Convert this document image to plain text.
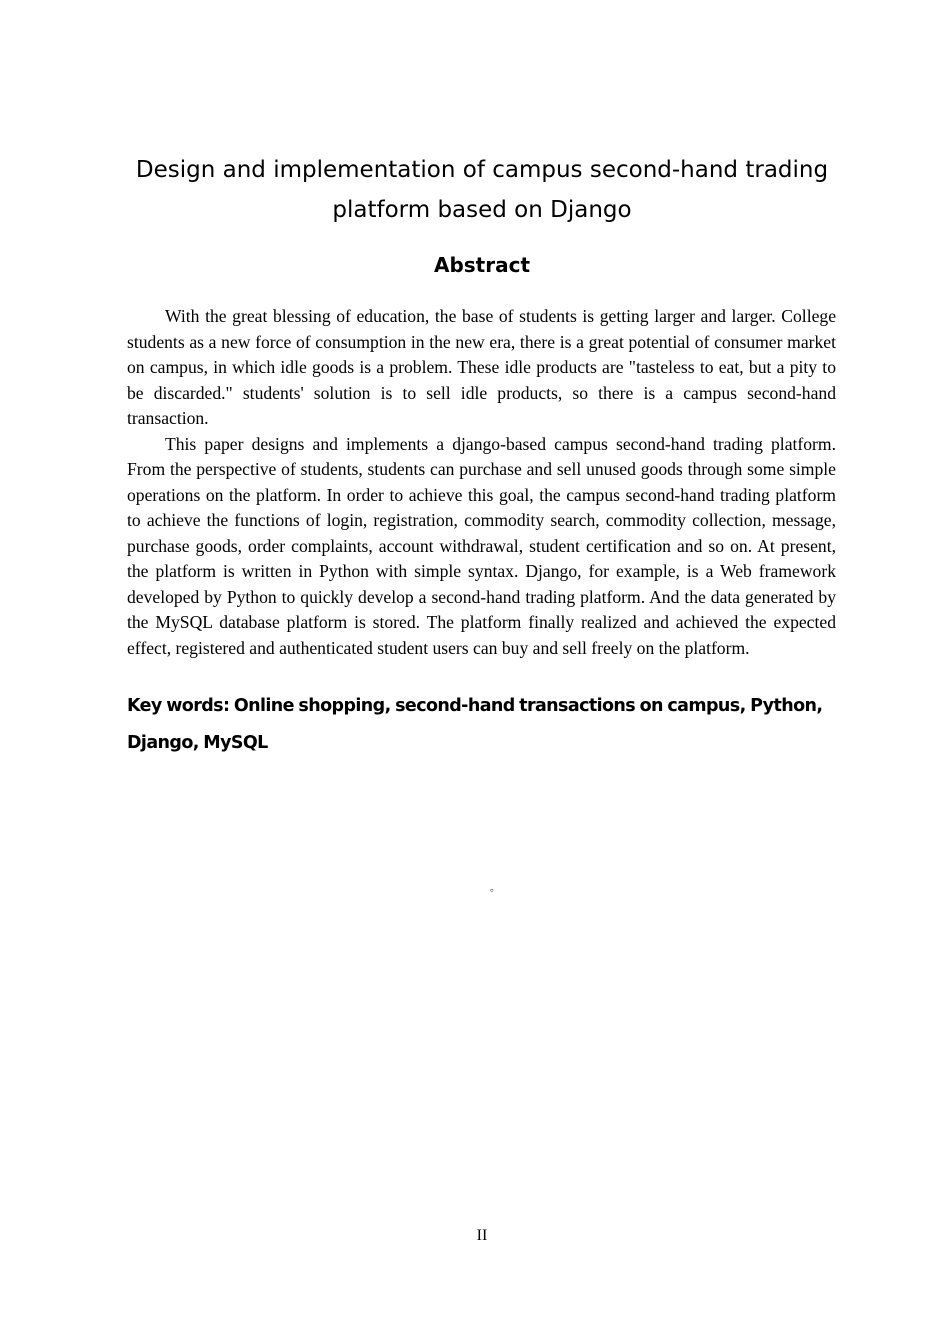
Design and implementation of campus second-hand trading
platform based on Django
Abstract

With the great blessing of education, the base of students is getting larger and larger. College students as a new force of consumption in the new era, there is a great potential of consumer market on campus, in which idle goods is a problem. These idle products are "tasteless to eat, but a pity to be discarded." students' solution is to sell idle products, so there is a campus second-hand transaction.

This paper designs and implements a django-based campus second-hand trading platform. From the perspective of students, students can purchase and sell unused goods through some simple operations on the platform. In order to achieve this goal, the campus second-hand trading platform to achieve the functions of login, registration, commodity search, commodity collection, message, purchase goods, order complaints, account withdrawal, student certification and so on. At present, the platform is written in Python with simple syntax. Django, for example, is a Web framework developed by Python to quickly develop a second-hand trading platform. And the data generated by the MySQL database platform is stored. The platform finally realized and achieved the expected effect, registered and authenticated student users can buy and sell freely on the platform.

Key words: Online shopping, second-hand transactions on campus, Python,
Django, MySQL

。
II
